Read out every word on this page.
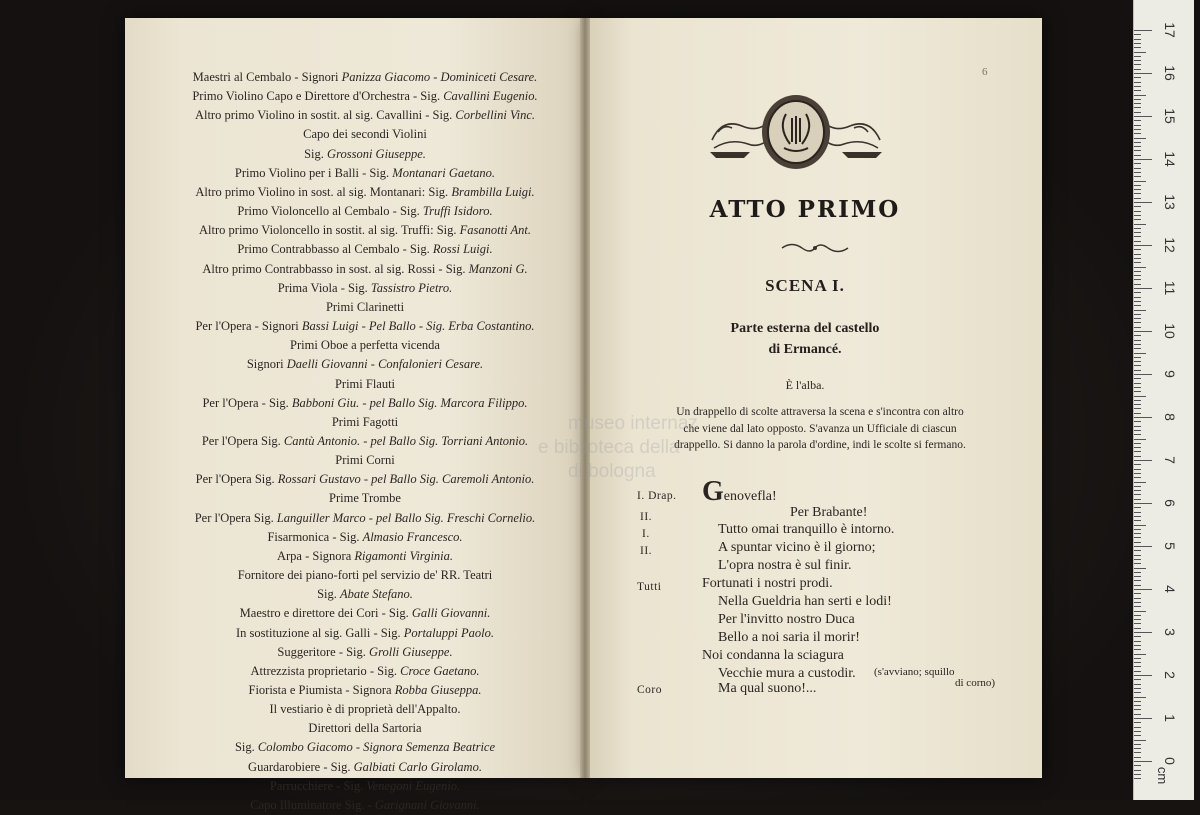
Maestri al Cembalo - Signori Panizza Giacomo - Dominiceti Cesare.
Primo Violino Capo e Direttore d'Orchestra - Sig. Cavallini Eugenio.
Altro primo Violino in sostit. al sig. Cavallini - Sig. Corbellini Vinc.
Capo dei secondi Violini
Sig. Grossoni Giuseppe.
Primo Violino per i Balli - Sig. Montanari Gaetano.
Altro primo Violino in sost. al sig. Montanari: Sig. Brambilla Luigi.
Primo Violoncello al Cembalo - Sig. Truffi Isidoro.
Altro primo Violoncello in sostit. al sig. Truffi: Sig. Fasanotti Ant.
Primo Contrabbasso al Cembalo - Sig. Rossi Luigi.
Altro primo Contrabbasso in sost. al sig. Rossi - Sig. Manzoni G.
Prima Viola - Sig. Tassistro Pietro.
Primi Clarinetti
Per l'Opera - Signori Bassi Luigi - Pel Ballo - Sig. Erba Costantino.
Primi Oboe a perfetta vicenda
Signori Daelli Giovanni - Confalonieri Cesare.
Primi Flauti
Per l'Opera - Sig. Babboni Giu. - pel Ballo Sig. Marcora Filippo.
Primi Fagotti
Per l'Opera Sig. Cantù Antonio. - pel Ballo Sig. Torriani Antonio.
Primi Corni
Per l'Opera Sig. Rossari Gustavo - pel Ballo Sig. Caremoli Antonio.
Prime Trombe
Per l'Opera Sig. Languiller Marco - pel Ballo Sig. Freschi Cornelio.
Fisarmonica - Sig. Almasio Francesco.
Arpa - Signora Rigamonti Virginia.
Fornitore dei piano-forti pel servizio de' RR. Teatri
Sig. Abate Stefano.
Maestro e direttore dei Cori - Sig. Galli Giovanni.
In sostituzione al sig. Galli - Sig. Portaluppi Paolo.
Suggeritore - Sig. Grolli Giuseppe.
Attrezzista proprietario - Sig. Croce Gaetano.
Fiorista e Piumista - Signora Robba Giuseppa.
Il vestiario è di proprietà dell'Appalto.
Direttori della Sartoria
Sig. Colombo Giacomo - Signora Semenza Beatrice
Guardarobiere - Sig. Galbiati Carlo Girolamo.
Parrucchiere - Sig. Venegoni Eugenio.
Capo Illuminatore Sig. - Garignani Giovanni.
6
ATTO PRIMO
SCENA I.
Parte esterna del castello
di Ermancé.
È l'alba.
Un drappello di scolte attraversa la scena e s'incontra con altro
che viene dal lato opposto. S'avanza un Ufficiale di ciascun
drappello. Si danno la parola d'ordine, indi le scolte si fermano.
I. Drap.
II.
I.
II.
Tutti
Coro
Genovefla!
Per Brabante!
Tutto omai tranquillo è intorno.
A spuntar vicino è il giorno;
L'opra nostra è sul finir.
Fortunati i nostri prodi.
Nella Gueldria han serti e lodi!
Per l'invitto nostro Duca
Bello a noi saria il morir!
Noi condanna la sciagura
Vecchie mura a custodir.
Ma qual suono!...
(s'avviano; squillo
di corno)
museo internaz
e biblioteca della
di bologna
cm
17
16
15
14
13
12
11
10
9
8
7
6
5
4
3
2
1
0
